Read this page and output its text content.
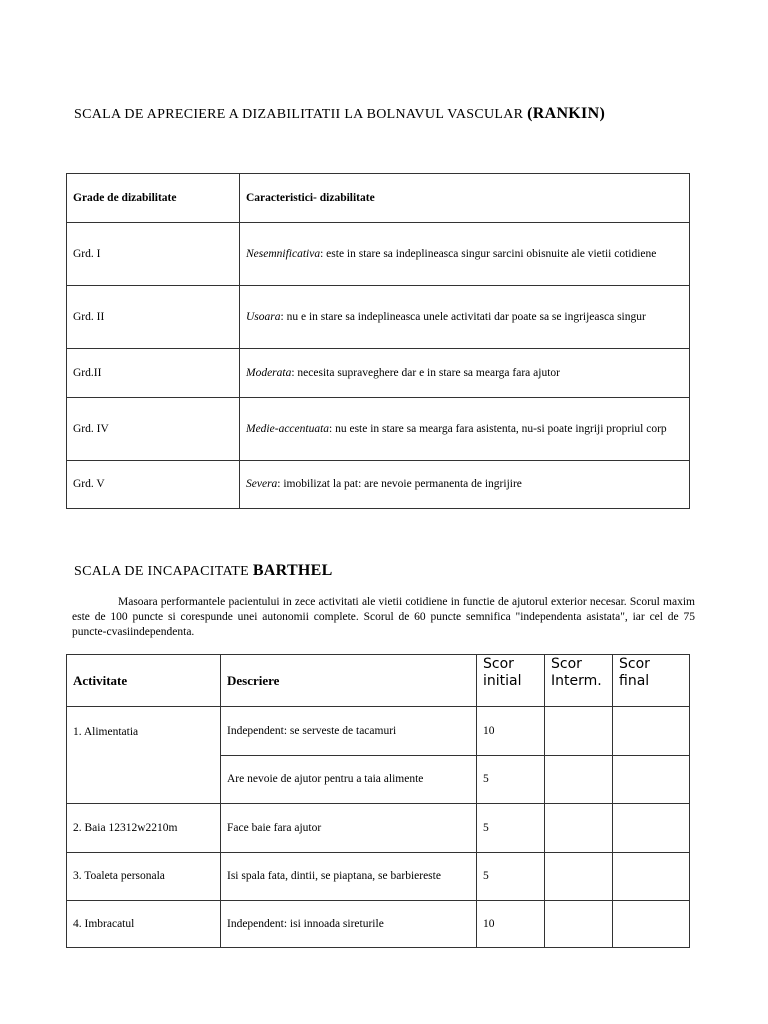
SCALA DE APRECIERE A DIZABILITATII LA BOLNAVUL VASCULAR (RANKIN)
Grade de dizabilitate	Caracteristici- dizabilitate
Grd. I	Nesemnificativa: este in stare sa indeplineasca singur sarcini obisnuite ale vietii cotidiene
Grd. II	Usoara: nu e in stare sa indeplineasca unele activitati dar poate sa se ingrijeasca singur
Grd.II	Moderata: necesita supraveghere dar e in stare sa mearga fara ajutor
Grd. IV	Medie-accentuata: nu este in stare sa mearga fara asistenta, nu-si poate ingriji propriul corp
Grd. V	Severa: imobilizat la pat: are nevoie permanenta de ingrijire
SCALA DE INCAPACITATE BARTHEL
Masoara performantele pacientului in zece activitati ale vietii cotidiene in functie de ajutorul exterior necesar. Scorul maxim este de 100 puncte si corespunde unei autonomii complete. Scorul de 60 puncte semnifica "independenta asistata", iar cel de 75 puncte-cvasiindependenta.
Activitate	Descriere	Scor initial	Scor Interm.	Scor final
1. Alimentatia	Independent: se serveste de tacamuri	10		
	Are nevoie de ajutor pentru a taia alimente	5		
2. Baia 12312w2210m	Face baie fara ajutor	5		
3. Toaleta personala	Isi spala fata, dintii, se piaptana, se barbiereste	5		
4. Imbracatul	Independent: isi innoada sireturile	10		
